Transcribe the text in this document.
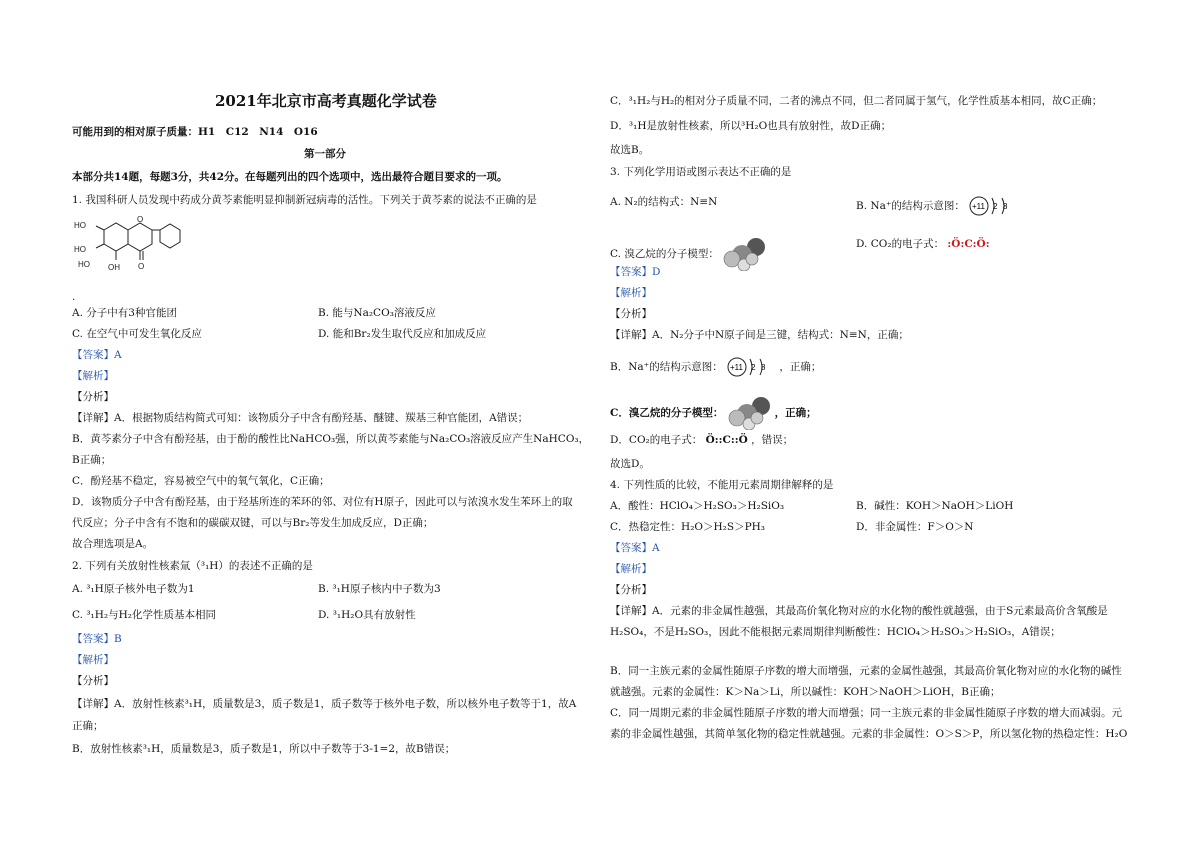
2021年北京市高考真题化学试卷
可能用到的相对原子质量：H1　C12　N14　O16
第一部分
本部分共14题，每题3分，共42分。在每题列出的四个选项中，选出最符合题目要求的一项。
1. 我国科研人员发现中药成分黄芩素能明显抑制新冠病毒的活性。下列关于黄芩素的说法不正确的是
HO
HO
HO OH
O
O
.
A. 分子中有3种官能团	B. 能与Na₂CO₃溶液反应
C. 在空气中可发生氧化反应	D. 能和Br₂发生取代反应和加成反应
【答案】A
【解析】
【分析】
【详解】A．根据物质结构简式可知：该物质分子中含有酚羟基、醚键、羰基三种官能团，A错误；
B．黄芩素分子中含有酚羟基，由于酚的酸性比NaHCO₃强，所以黄芩素能与Na₂CO₃溶液反应产生NaHCO₃，
B正确；
C．酚羟基不稳定，容易被空气中的氧气氧化，C正确；
D．该物质分子中含有酚羟基，由于羟基所连的苯环的邻、对位有H原子，因此可以与浓溴水发生苯环上的取
代反应；分子中含有不饱和的碳碳双键，可以与Br₂等发生加成反应，D正确；
故合理选项是A。
2. 下列有关放射性核素氚（³₁H）的表述不正确的是
A. ³₁H原子核外电子数为1	B. ³₁H原子核内中子数为3
C. ³₁H₂与H₂化学性质基本相同	D. ³₁H₂O具有放射性
【答案】B
【解析】
【分析】
【详解】A．放射性核素³₁H，质量数是3，质子数是1，质子数等于核外电子数，所以核外电子数等于1，故A
正确；
B．放射性核素³₁H，质量数是3，质子数是1，所以中子数等于3-1=2，故B错误；
C．³₁H₂与H₂的相对分子质量不同，二者的沸点不同，但二者同属于氢气，化学性质基本相同，故C正确；
D．³₁H是放射性核素，所以³H₂O也具有放射性，故D正确；
故选B。
3. 下列化学用语或图示表达不正确的是
A. N₂的结构式：N≡N	B. Na⁺的结构示意图： +11 2 8
C. 溴乙烷的分子模型：
D. CO₂的电子式： :Ö:C:Ö:
【答案】D
【解析】
【分析】
【详解】A．N₂分子中N原子间是三键，结构式：N≡N，正确；
B．Na⁺的结构示意图： +11 2 8 ，正确；
C．溴乙烷的分子模型：	，正确；
D．CO₂的电子式： Ö::C::Ö ，错误；
故选D。
4. 下列性质的比较，不能用元素周期律解释的是
A．酸性：HClO₄＞H₂SO₃＞H₂SiO₃	B．碱性：KOH＞NaOH＞LiOH
C．热稳定性：H₂O＞H₂S＞PH₃	D．非金属性：F＞O＞N
【答案】A
【解析】
【分析】
【详解】A．元素的非金属性越强，其最高价氧化物对应的水化物的酸性就越强，由于S元素最高价含氧酸是
H₂SO₄，不是H₂SO₃，因此不能根据元素周期律判断酸性：HClO₄＞H₂SO₃＞H₂SiO₃，A错误；
B．同一主族元素的金属性随原子序数的增大而增强，元素的金属性越强，其最高价氧化物对应的水化物的碱性
就越强。元素的金属性：K＞Na＞Li，所以碱性：KOH＞NaOH＞LiOH，B正确；
C．同一周期元素的非金属性随原子序数的增大而增强；同一主族元素的非金属性随原子序数的增大而减弱。元
素的非金属性越强，其简单氢化物的稳定性就越强。元素的非金属性：O＞S＞P，所以氢化物的热稳定性：H₂O
